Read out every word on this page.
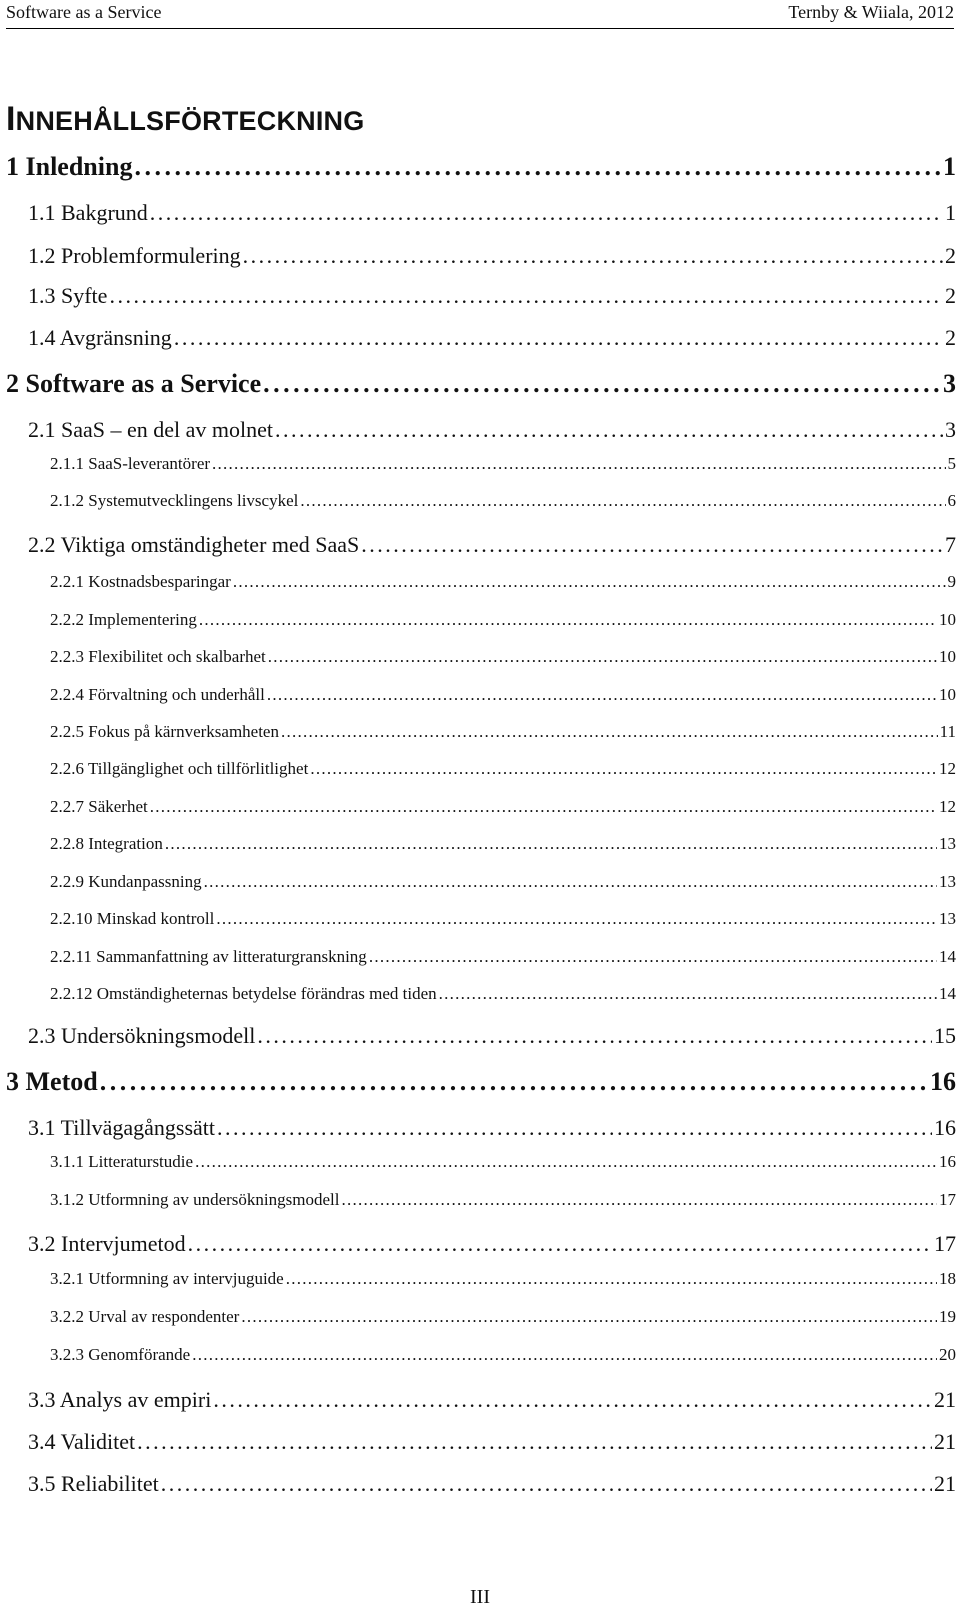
Software as a Service	Ternby & Wiiala, 2012
INNEHÅLLSFÖRTECKNING
1 Inledning . . .	1
1.1 Bakgrund . . .	1
1.2 Problemformulering . . .	2
1.3 Syfte . . .	2
1.4 Avgränsning . . .	2
2 Software as a Service . . .	3
2.1 SaaS – en del av molnet . . .	3
2.1.1 SaaS-leverantörer . . .	5
2.1.2 Systemutvecklingens livscykel . . .	6
2.2 Viktiga omständigheter med SaaS . . .	7
2.2.1 Kostnadsbesparingar . . .	9
2.2.2 Implementering . . .	10
2.2.3 Flexibilitet och skalbarhet . . .	10
2.2.4 Förvaltning och underhåll . . .	10
2.2.5 Fokus på kärnverksamheten . . .	11
2.2.6 Tillgänglighet och tillförlitlighet . . .	12
2.2.7 Säkerhet . . .	12
2.2.8 Integration . . .	13
2.2.9 Kundanpassning . . .	13
2.2.10 Minskad kontroll . . .	13
2.2.11 Sammanfattning av litteraturgranskning . . .	14
2.2.12 Omständigheternas betydelse förändras med tiden . . .	14
2.3 Undersökningsmodell . . .	15
3 Metod . . .	16
3.1 Tillvägagångssätt . . .	16
3.1.1 Litteraturstudie . . .	16
3.1.2 Utformning av undersökningsmodell . . .	17
3.2 Intervjumetod . . .	17
3.2.1 Utformning av intervjuguide . . .	18
3.2.2 Urval av respondenter . . .	19
3.2.3 Genomförande . . .	20
3.3 Analys av empiri . . .	21
3.4 Validitet . . .	21
3.5 Reliabilitet . . .	21
III
